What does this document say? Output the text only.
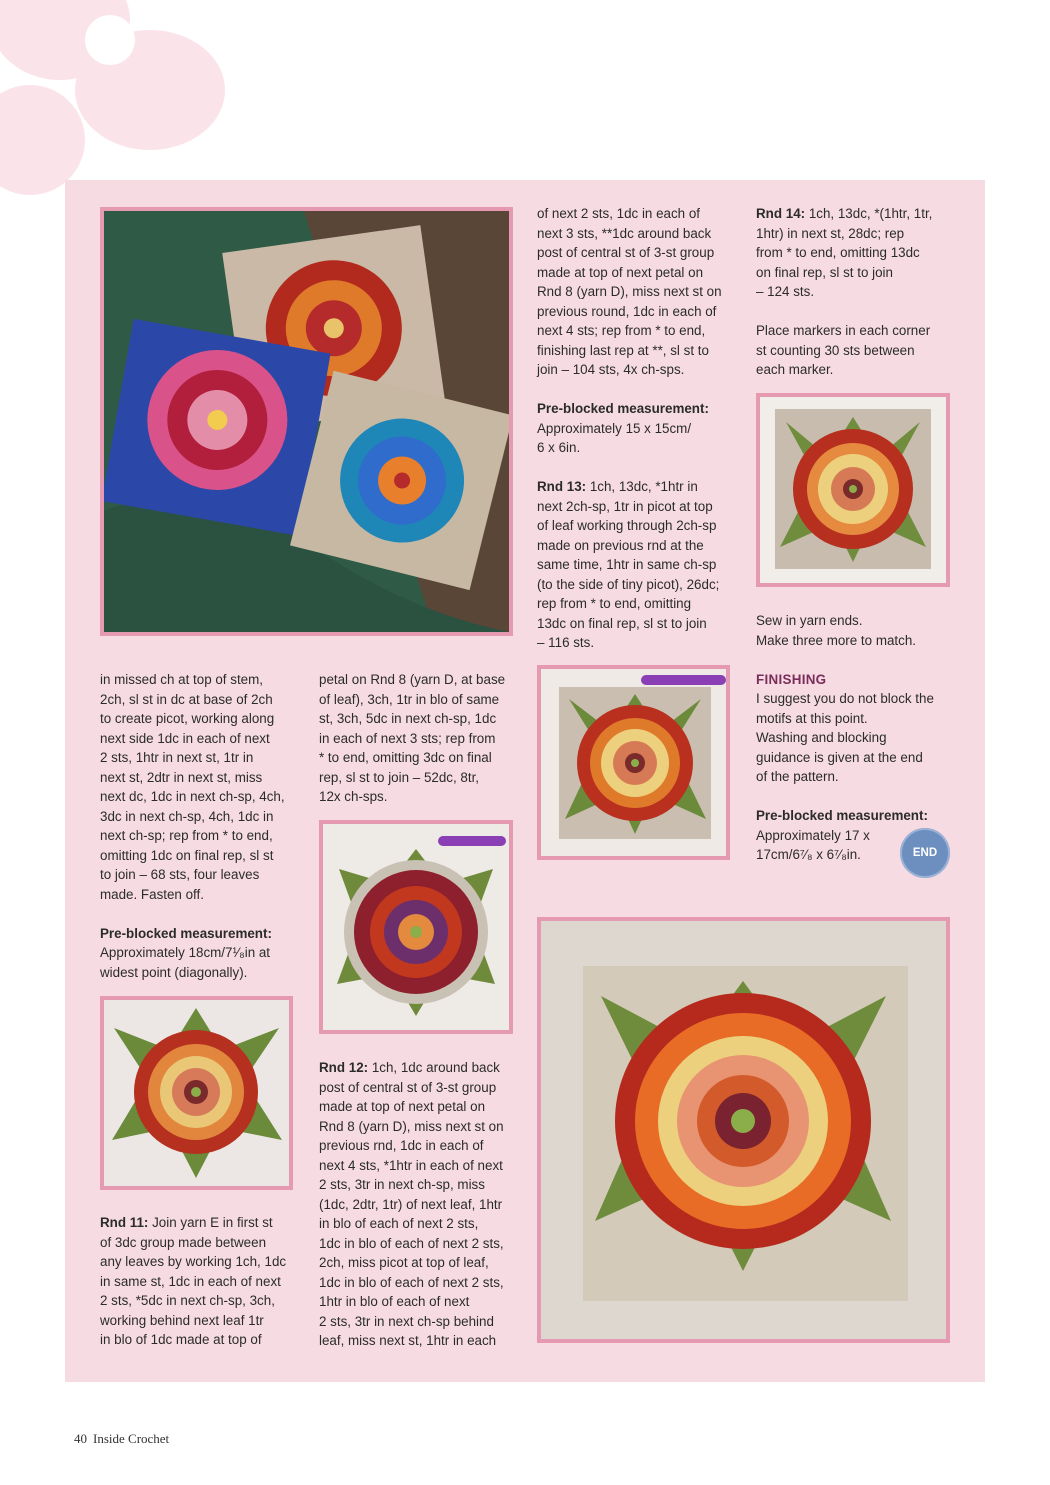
in missed ch at top of stem,

2ch, sl st in dc at base of 2ch

to create picot, working along

next side 1dc in each of next

2 sts, 1htr in next st, 1tr in

next st, 2dtr in next st, miss

next dc, 1dc in next ch-sp, 4ch,

3dc in next ch-sp, 4ch, 1dc in

next ch-sp; rep from * to end,

omitting 1dc on final rep, sl st

to join – 68 sts, four leaves

made. Fasten off.

Pre-blocked measurement:

Approximately 18cm/7¹⁄₈in at

widest point (diagonally).

Rnd 11: Join yarn E in first st

of 3dc group made between

any leaves by working 1ch, 1dc

in same st, 1dc in each of next

2 sts, *5dc in next ch-sp, 3ch,

working behind next leaf 1tr

in blo of 1dc made at top of

petal on Rnd 8 (yarn D, at base

of leaf), 3ch, 1tr in blo of same

st, 3ch, 5dc in next ch-sp, 1dc

in each of next 3 sts; rep from

* to end, omitting 3dc on final

rep, sl st to join – 52dc, 8tr,

12x ch-sps.

Rnd 12: 1ch, 1dc around back

post of central st of 3-st group

made at top of next petal on

Rnd 8 (yarn D), miss next st on

previous rnd, 1dc in each of

next 4 sts, *1htr in each of next

2 sts, 3tr in next ch-sp, miss

(1dc, 2dtr, 1tr) of next leaf, 1htr

in blo of each of next 2 sts,

1dc in blo of each of next 2 sts,

2ch, miss picot at top of leaf,

1dc in blo of each of next 2 sts,

1htr in blo of each of next

2 sts, 3tr in next ch-sp behind

leaf, miss next st, 1htr in each

of next 2 sts, 1dc in each of

next 3 sts, **1dc around back

post of central st of 3-st group

made at top of next petal on

Rnd 8 (yarn D), miss next st on

previous round, 1dc in each of

next 4 sts; rep from * to end,

finishing last rep at **, sl st to

join – 104 sts, 4x ch-sps.

Pre-blocked measurement:

Approximately 15 x 15cm/

6 x 6in.

Rnd 13: 1ch, 13dc, *1htr in

next 2ch-sp, 1tr in picot at top

of leaf working through 2ch-sp

made on previous rnd at the

same time, 1htr in same ch-sp

(to the side of tiny picot), 26dc;

rep from * to end, omitting

13dc on final rep, sl st to join

– 116 sts.

Rnd 14: 1ch, 13dc, *(1htr, 1tr,

1htr) in next st, 28dc; rep

from * to end, omitting 13dc

on final rep, sl st to join

– 124 sts.

Place markers in each corner

st counting 30 sts between

each marker.

Sew in yarn ends.

Make three more to match.

FINISHING

I suggest you do not block the

motifs at this point.

Washing and blocking

guidance is given at the end

of the pattern.

Pre-blocked measurement:

Approximately 17 x

17cm/6⁷⁄₈ x 6⁷⁄₈in.	END
40 Inside Crochet
